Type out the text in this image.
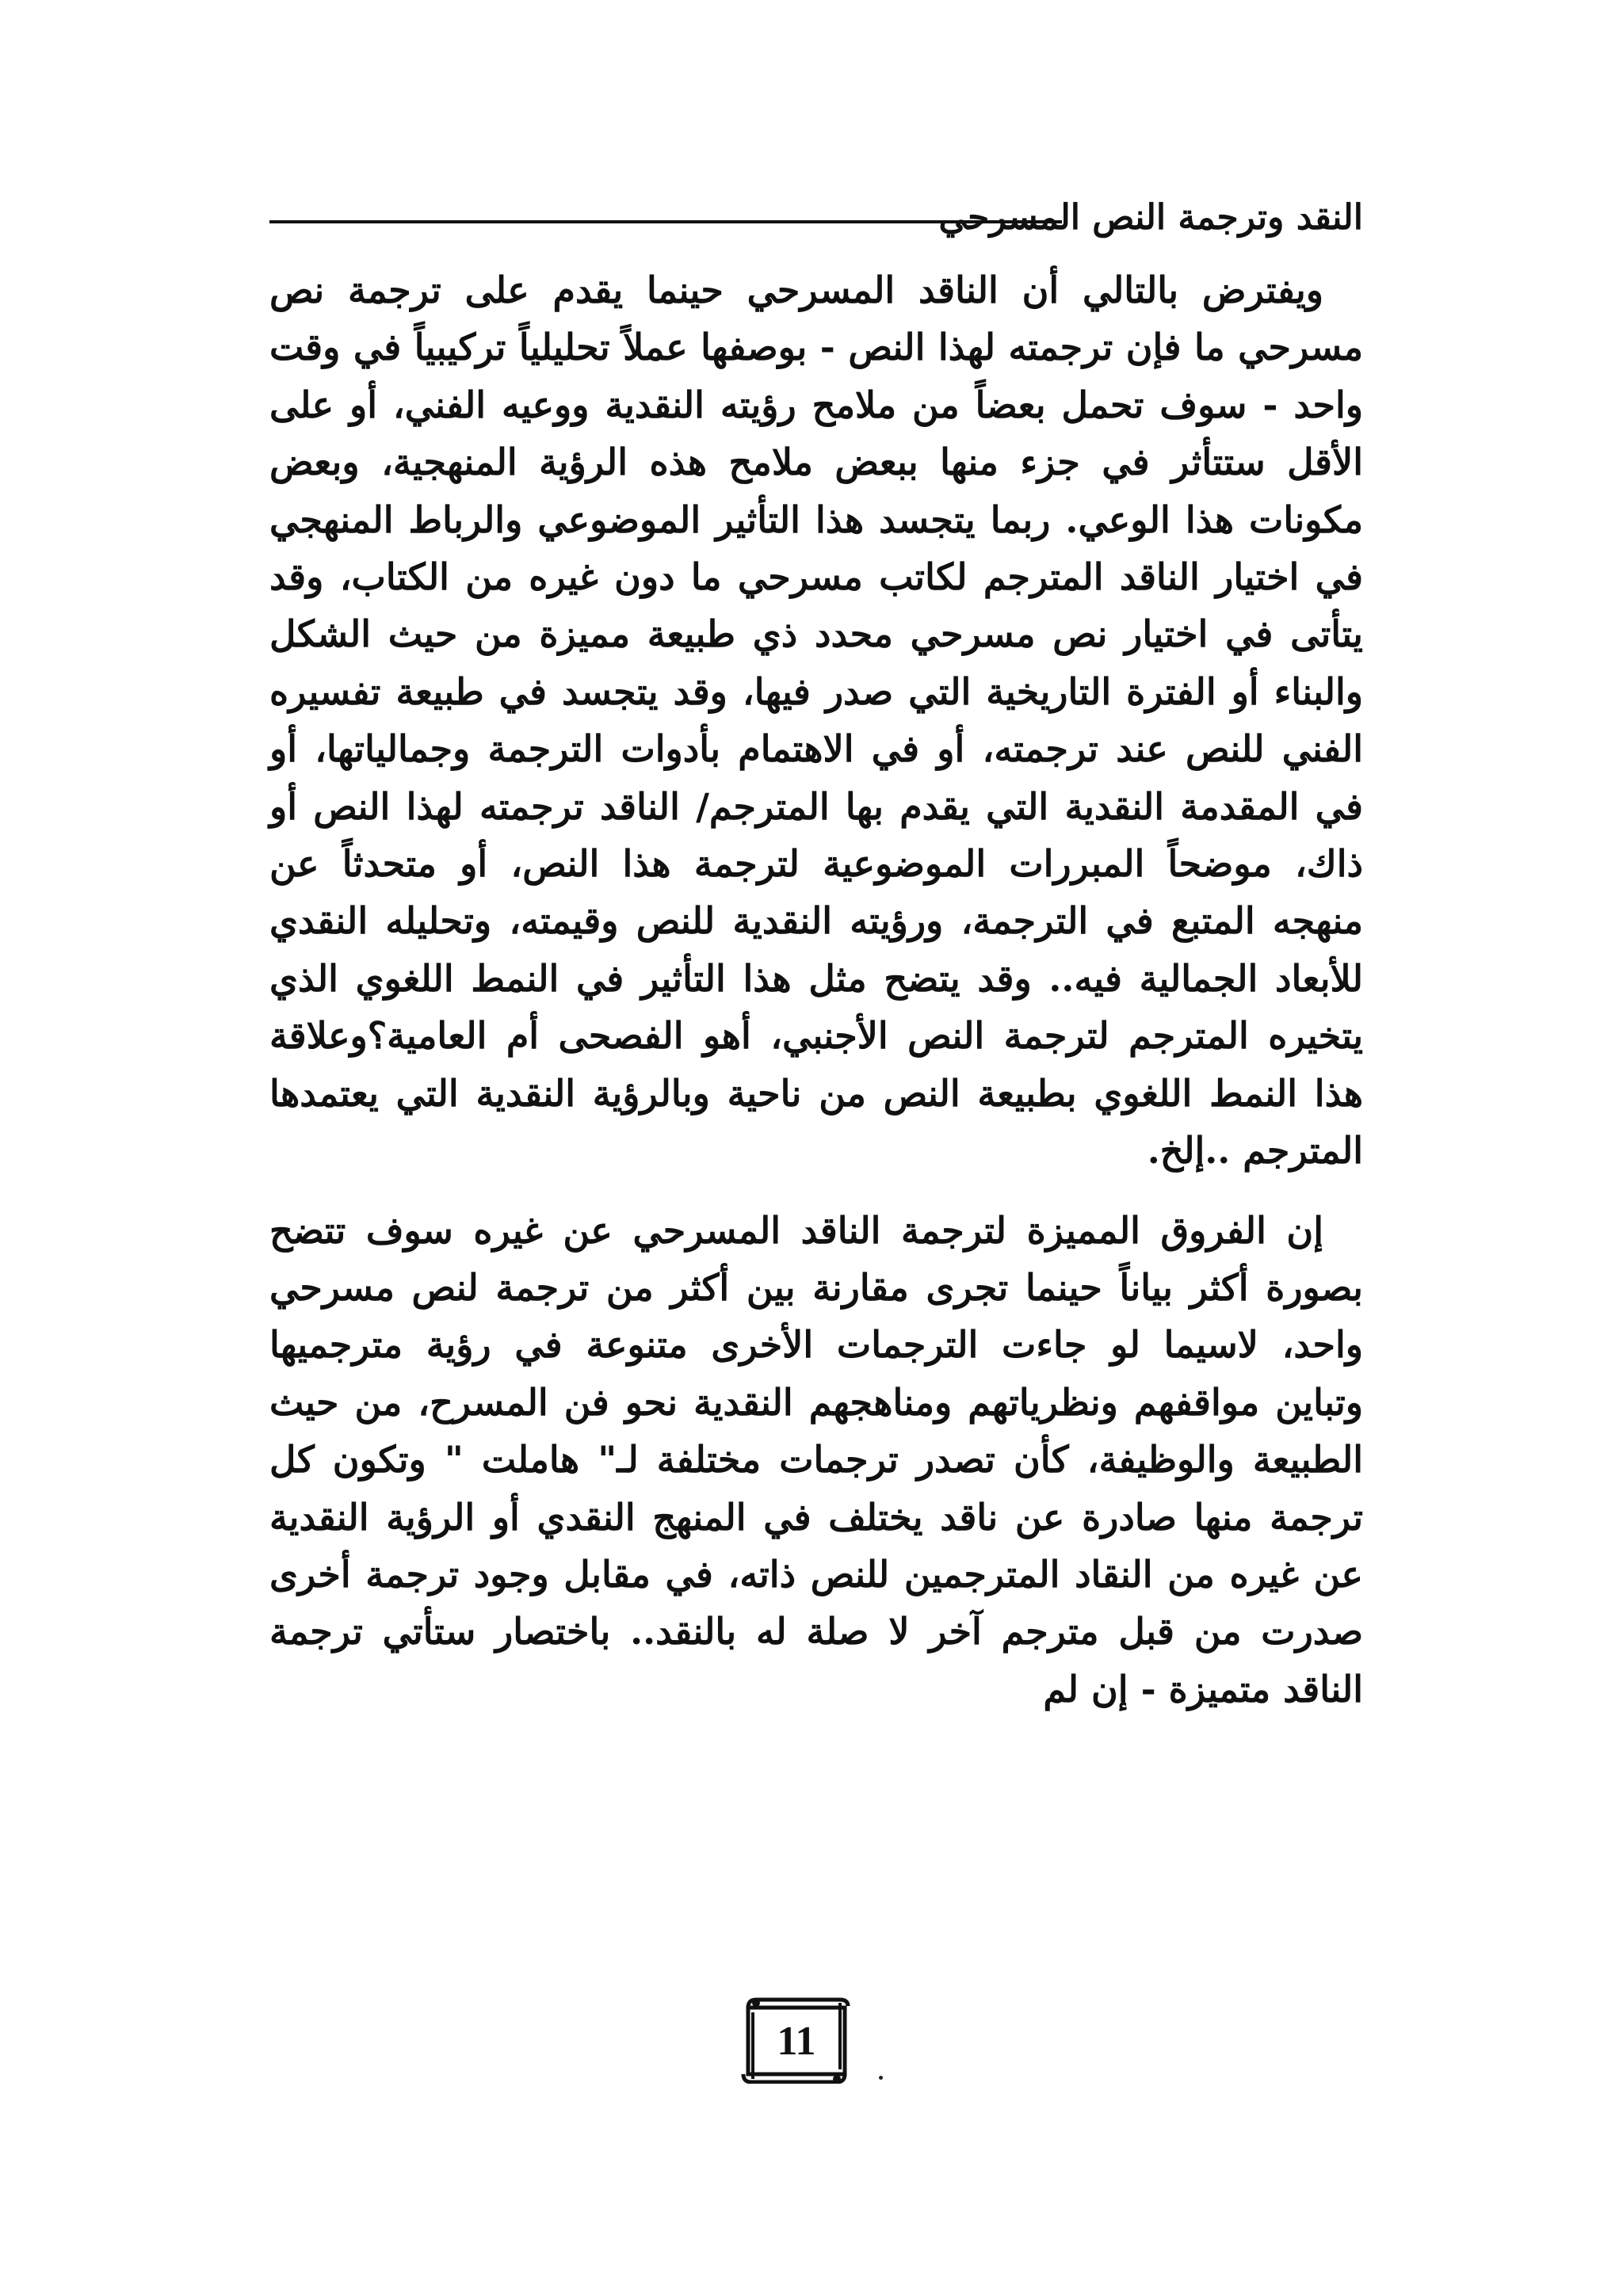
النقد وترجمة النص المسرحي

ويفترض بالتالي أن الناقد المسرحي حينما يقدم على ترجمة نص مسرحي ما فإن ترجمته لهذا النص - بوصفها عملاً تحليلياً تركيبياً في وقت واحد - سوف تحمل بعضاً من ملامح رؤيته النقدية ووعيه الفني، أو على الأقل ستتأثر في جزء منها ببعض ملامح هذه الرؤية المنهجية، وبعض مكونات هذا الوعي. ربما يتجسد هذا التأثير الموضوعي والرباط المنهجي في اختيار الناقد المترجم لكاتب مسرحي ما دون غيره من الكتاب، وقد يتأتى في اختيار نص مسرحي محدد ذي طبيعة مميزة من حيث الشكل والبناء أو الفترة التاريخية التي صدر فيها، وقد يتجسد في طبيعة تفسيره الفني للنص عند ترجمته، أو في الاهتمام بأدوات الترجمة وجمالياتها، أو في المقدمة النقدية التي يقدم بها المترجم/ الناقد ترجمته لهذا النص أو ذاك، موضحاً المبررات الموضوعية لترجمة هذا النص، أو متحدثاً عن منهجه المتبع في الترجمة، ورؤيته النقدية للنص وقيمته، وتحليله النقدي للأبعاد الجمالية فيه.. وقد يتضح مثل هذا التأثير في النمط اللغوي الذي يتخيره المترجم لترجمة النص الأجنبي، أهو الفصحى أم العامية؟وعلاقة هذا النمط اللغوي بطبيعة النص من ناحية وبالرؤية النقدية التي يعتمدها المترجم ..إلخ.

إن الفروق المميزة لترجمة الناقد المسرحي عن غيره سوف تتضح بصورة أكثر بياناً حينما تجرى مقارنة بين أكثر من ترجمة لنص مسرحي واحد، لاسيما لو جاءت الترجمات الأخرى متنوعة في رؤية مترجميها وتباين مواقفهم ونظرياتهم ومناهجهم النقدية نحو فن المسرح، من حيث الطبيعة والوظيفة، كأن تصدر ترجمات مختلفة لـ" هاملت " وتكون كل ترجمة منها صادرة عن ناقد يختلف في المنهج النقدي أو الرؤية النقدية عن غيره من النقاد المترجمين للنص ذاته، في مقابل وجود ترجمة أخرى صدرت من قبل مترجم آخر لا صلة له بالنقد.. باختصار ستأتي ترجمة الناقد متميزة - إن لم

11
